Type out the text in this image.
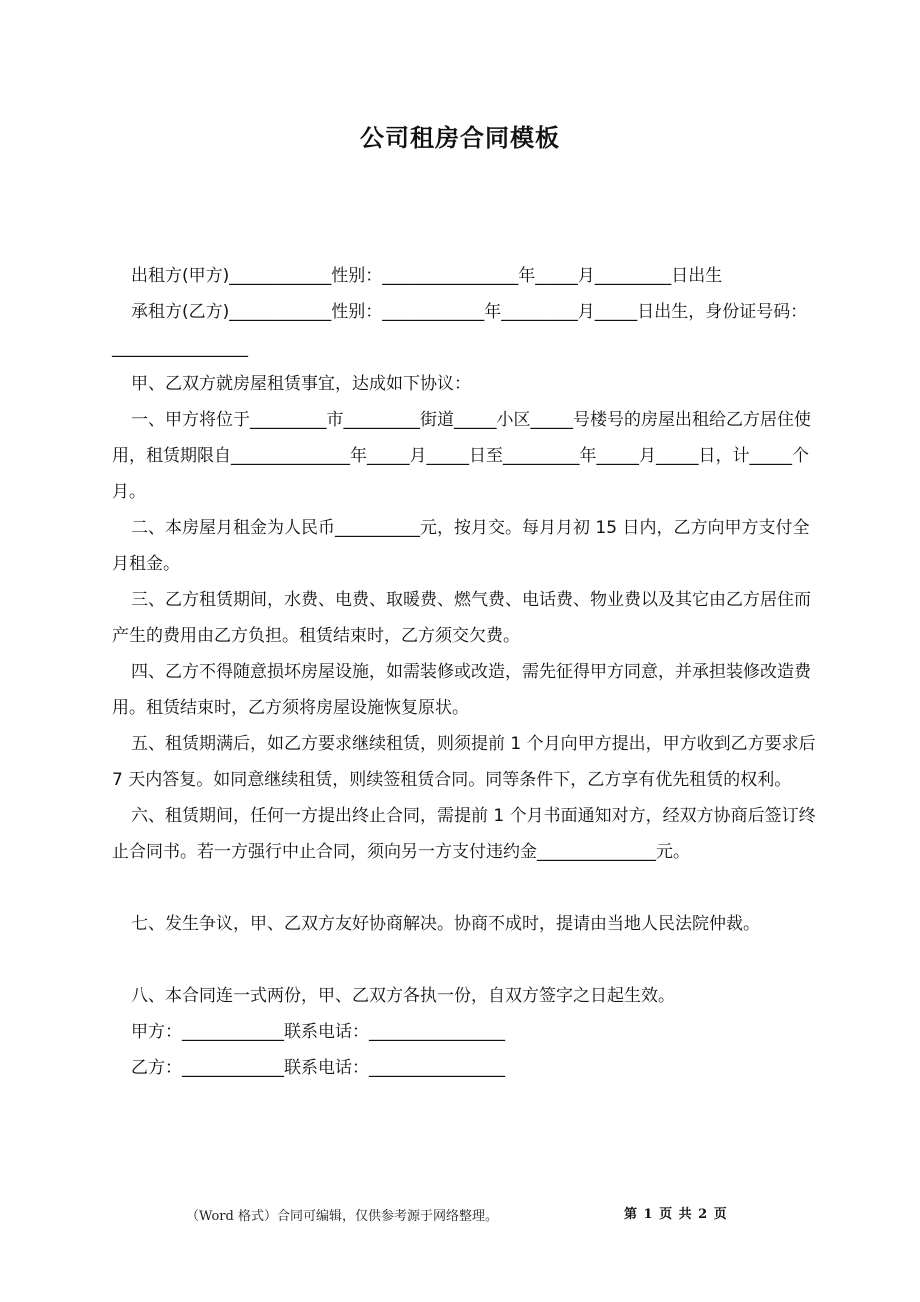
公司租房合同模板

出租方(甲方)____________性别：________________年_____月_________日出生

承租方(乙方)____________性别：____________年_________月_____日出生，身份证号码：________________

甲、乙双方就房屋租赁事宜，达成如下协议：

一、甲方将位于_________市_________街道_____小区_____号楼号的房屋出租给乙方居住使用，租赁期限自______________年_____月_____日至_________年_____月_____日，计_____个月。

二、本房屋月租金为人民币__________元，按月交。每月月初 15 日内，乙方向甲方支付全月租金。

三、乙方租赁期间，水费、电费、取暖费、燃气费、电话费、物业费以及其它由乙方居住而产生的费用由乙方负担。租赁结束时，乙方须交欠费。

四、乙方不得随意损坏房屋设施，如需装修或改造，需先征得甲方同意，并承担装修改造费用。租赁结束时，乙方须将房屋设施恢复原状。

五、租赁期满后，如乙方要求继续租赁，则须提前 1 个月向甲方提出，甲方收到乙方要求后 7 天内答复。如同意继续租赁，则续签租赁合同。同等条件下，乙方享有优先租赁的权利。

六、租赁期间，任何一方提出终止合同，需提前 1 个月书面通知对方，经双方协商后签订终止合同书。若一方强行中止合同，须向另一方支付违约金______________元。

七、发生争议，甲、乙双方友好协商解决。协商不成时，提请由当地人民法院仲裁。

八、本合同连一式两份，甲、乙双方各执一份，自双方签字之日起生效。

甲方：____________联系电话：________________

乙方：____________联系电话：________________

（Word 格式）合同可编辑，仅供参考源于网络整理。	第 1 页 共 2 页
